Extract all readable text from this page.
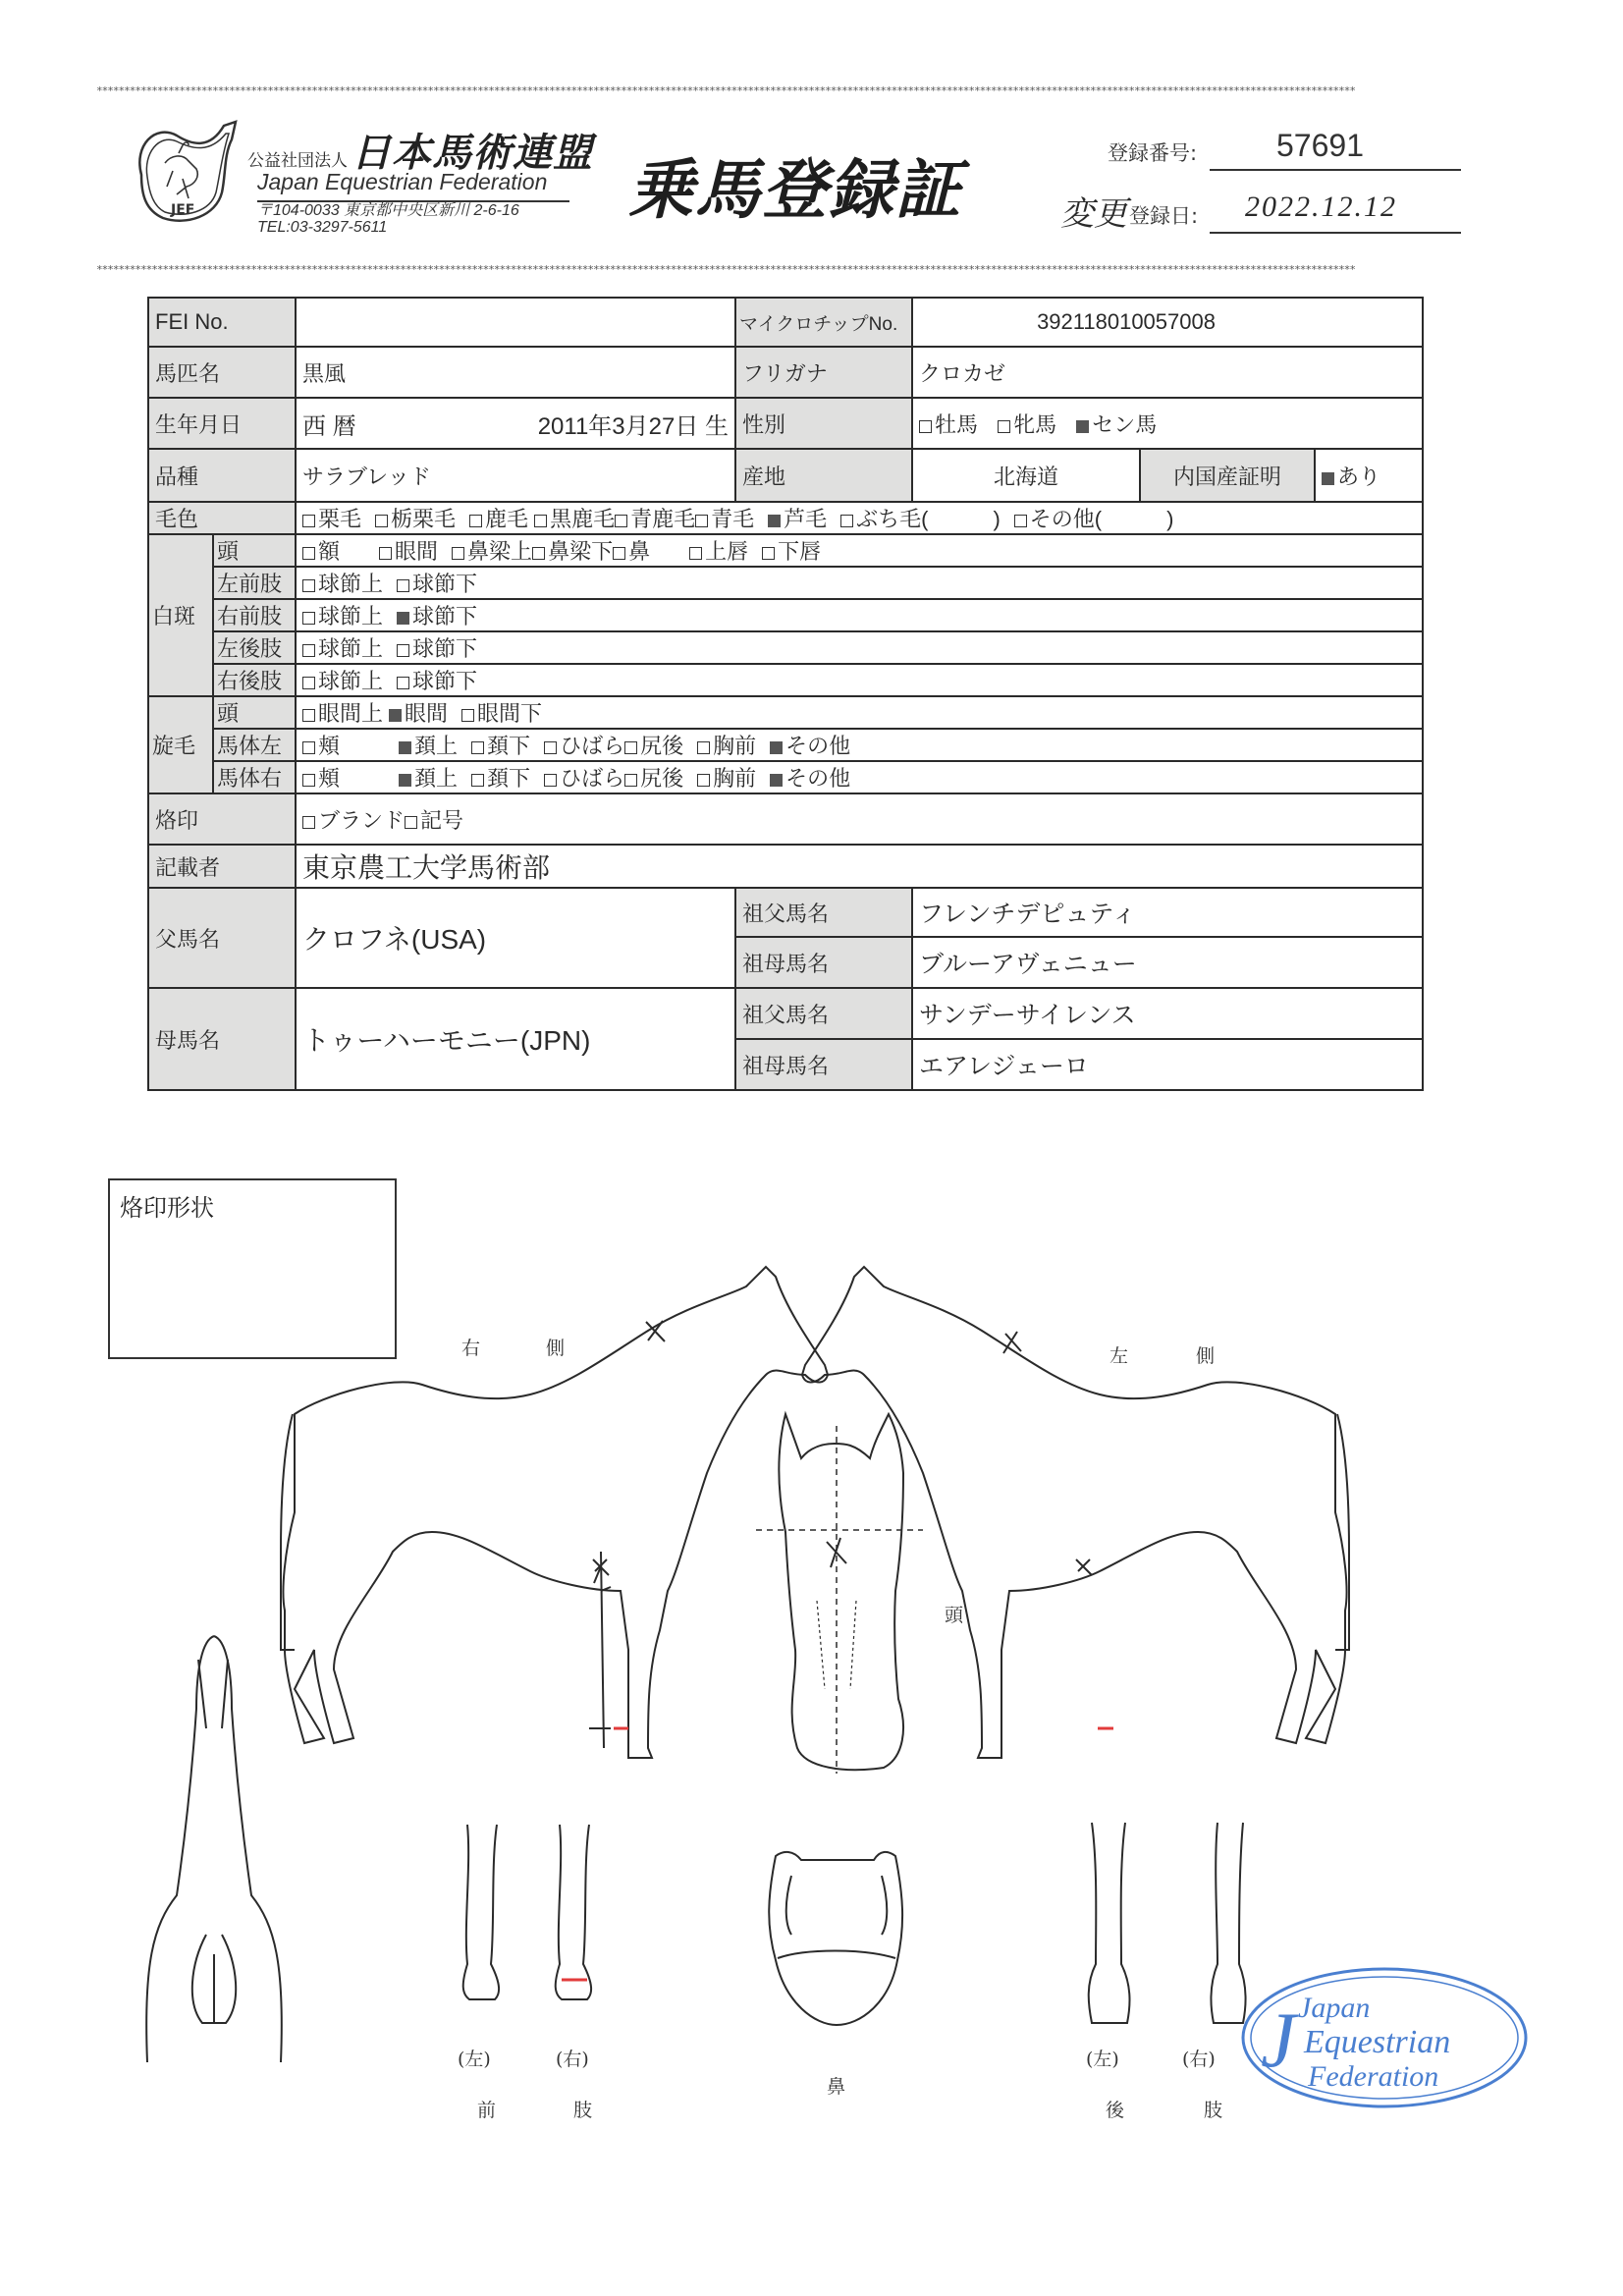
************************************************************************************************************************************************************************************************************************************
************************************************************************************************************************************************************************************************************************************
JEF
公益社団法人 日本馬術連盟
Japan Equestrian Federation
〒104-0033 東京都中央区新川 2-6-16
TEL:03-3297-5611	乗馬登録証	登録番号:	57691
変更 登録日: 2022.12.12
FEI No.			マイクロチップNo.	392118010057008		
馬匹名		黒風	フリガナ	クロカゼ		
生年月日		西 暦 2011年3月27日 生	性別	牡馬 牝馬 セン馬		
品種		サラブレッド	産地	北海道	内国産証明	あり
毛色		栗毛 栃栗毛 鹿毛 黒鹿毛 青鹿毛 青毛 芦毛 ぶち毛(　　　) その他(　　　)				
白斑	頭	額 眼間 鼻梁上 鼻梁下 鼻 上唇 下唇				
	左前肢	球節上 球節下				
	右前肢	球節上 球節下				
	左後肢	球節上 球節下				
	右後肢	球節上 球節下				
旋毛	頭	眼間上 眼間 眼間下				
	馬体左	頬 頚上 頚下 ひばら 尻後 胸前 その他				
	馬体右	頬 頚上 頚下 ひばら 尻後 胸前 その他				
烙印		ブランド 記号				
記載者		東京農工大学馬術部				
父馬名		クロフネ(USA)	祖父馬名	フレンチデピュティ		
			祖母馬名	ブルーアヴェニュー		
母馬名		トゥーハーモニー(JPN)	祖父馬名	サンデーサイレンス		
			祖母馬名	エアレジェーロ		
烙印形状
右	側	左	側
頭
鼻
(左)	(右)
前	肢
(左)	(右)
後	肢
J Japan
Equestrian
Federation
